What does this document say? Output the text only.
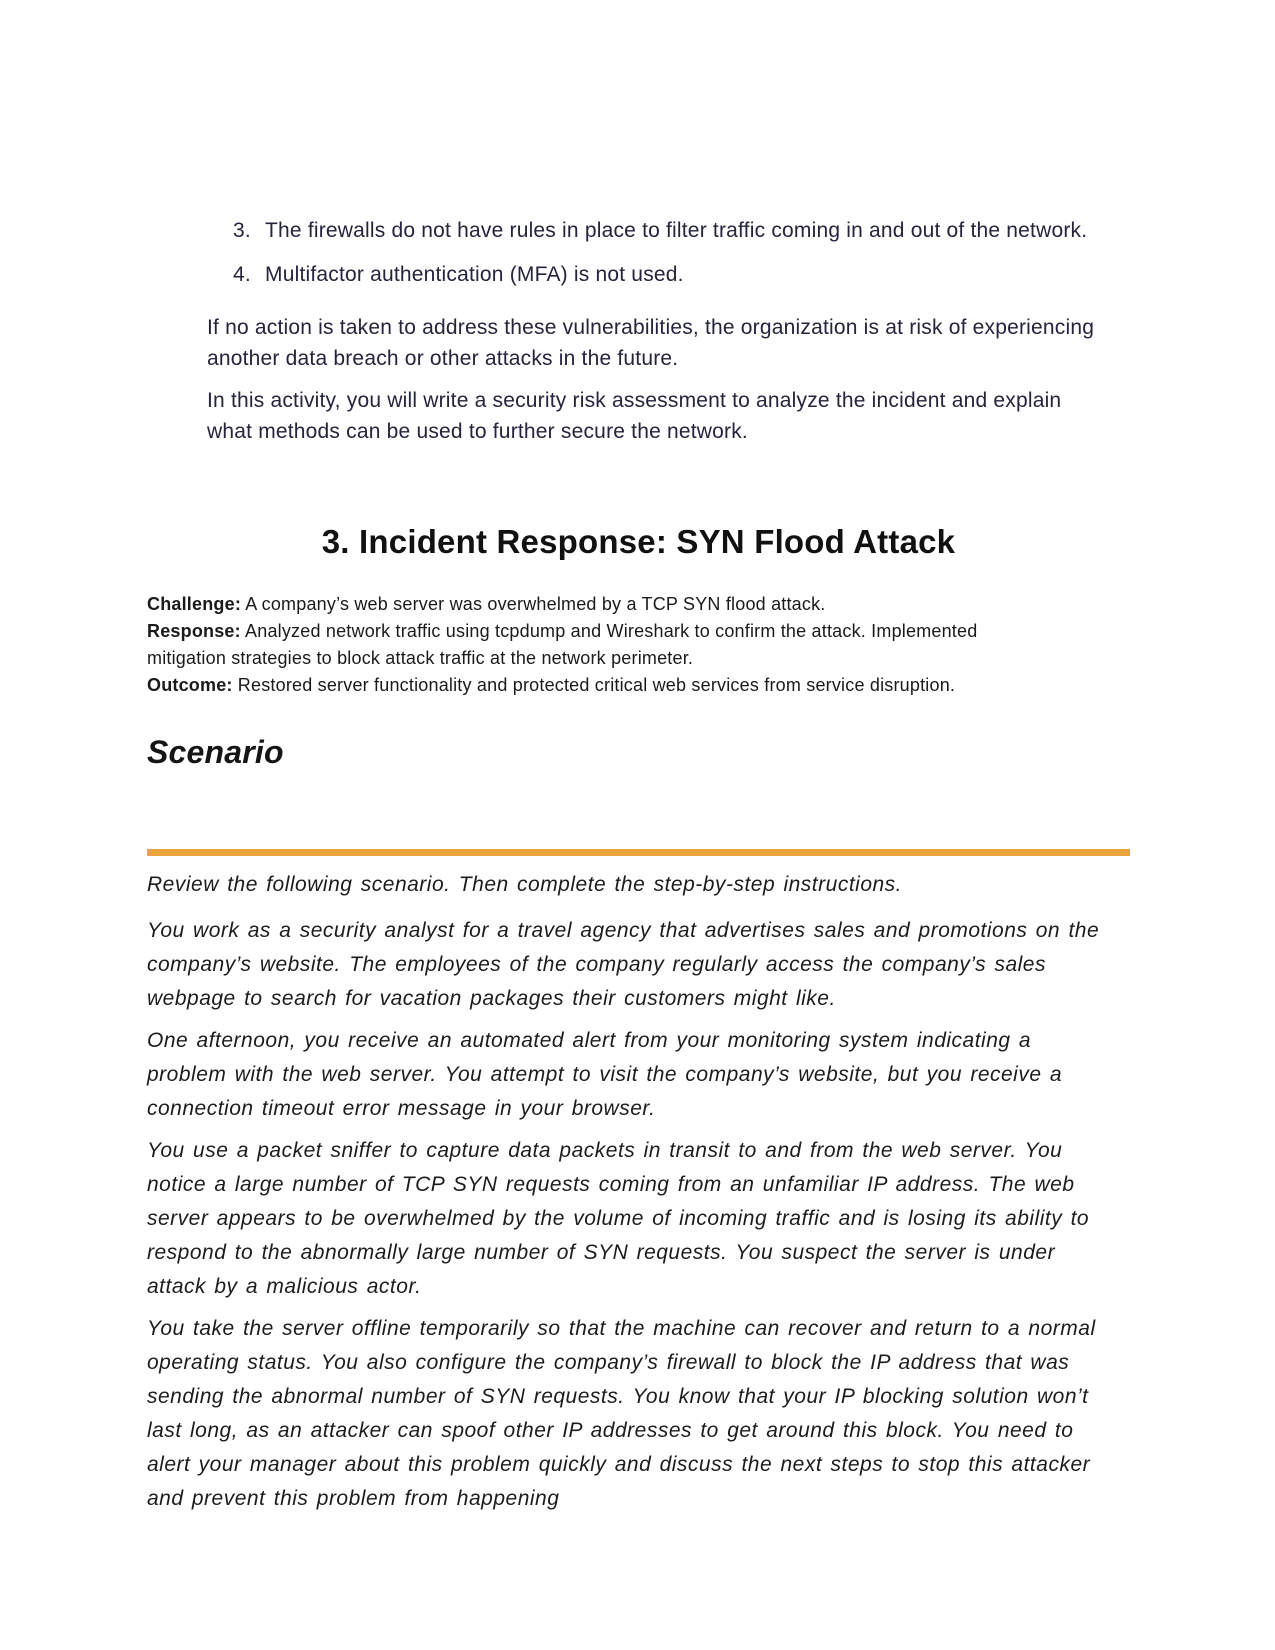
3. The firewalls do not have rules in place to filter traffic coming in and out of the network.
4. Multifactor authentication (MFA) is not used.

If no action is taken to address these vulnerabilities, the organization is at risk of experiencing another data breach or other attacks in the future.

In this activity, you will write a security risk assessment to analyze the incident and explain what methods can be used to further secure the network.

3. Incident Response: SYN Flood Attack

Challenge: A company’s web server was overwhelmed by a TCP SYN flood attack.

Response: Analyzed network traffic using tcpdump and Wireshark to confirm the attack. Implemented mitigation strategies to block attack traffic at the network perimeter.

Outcome: Restored server functionality and protected critical web services from service disruption.

Scenario

Review the following scenario. Then complete the step-by-step instructions.

You work as a security analyst for a travel agency that advertises sales and promotions on the company’s website. The employees of the company regularly access the company’s sales webpage to search for vacation packages their customers might like.

One afternoon, you receive an automated alert from your monitoring system indicating a problem with the web server. You attempt to visit the company’s website, but you receive a connection timeout error message in your browser.

You use a packet sniffer to capture data packets in transit to and from the web server. You notice a large number of TCP SYN requests coming from an unfamiliar IP address. The web server appears to be overwhelmed by the volume of incoming traffic and is losing its ability to respond to the abnormally large number of SYN requests. You suspect the server is under attack by a malicious actor.

You take the server offline temporarily so that the machine can recover and return to a normal operating status. You also configure the company’s firewall to block the IP address that was sending the abnormal number of SYN requests. You know that your IP blocking solution won’t last long, as an attacker can spoof other IP addresses to get around this block. You need to alert your manager about this problem quickly and discuss the next steps to stop this attacker and prevent this problem from happening
